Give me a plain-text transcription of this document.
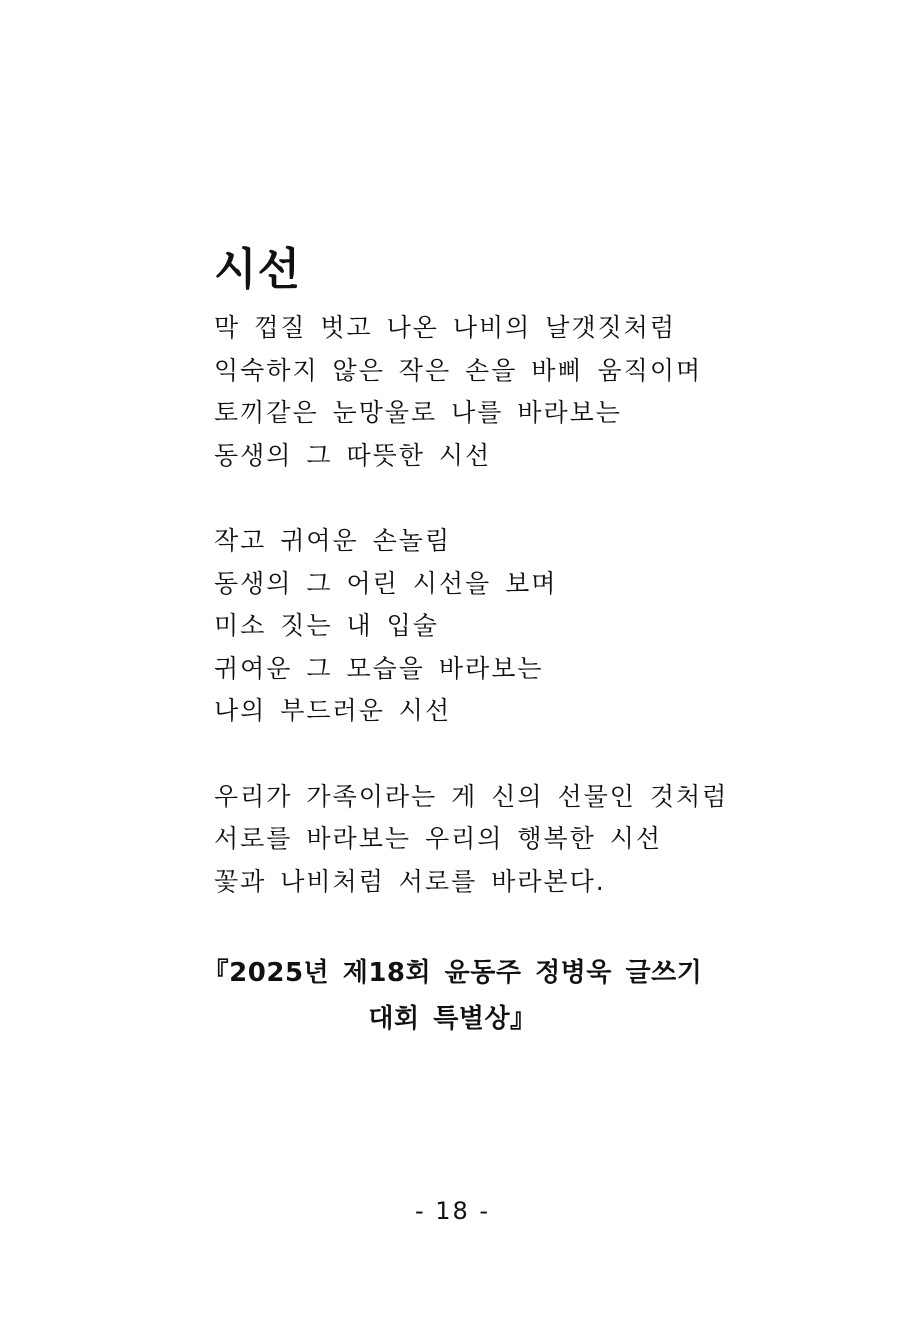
시선
막 껍질 벗고 나온 나비의 날갯짓처럼
익숙하지 않은 작은 손을 바삐 움직이며
토끼같은 눈망울로 나를 바라보는
동생의 그 따뜻한 시선
작고 귀여운 손놀림
동생의 그 어린 시선을 보며
미소 짓는 내 입술
귀여운 그 모습을 바라보는
나의 부드러운 시선
우리가 가족이라는 게 신의 선물인 것처럼
서로를 바라보는 우리의 행복한 시선
꽃과 나비처럼 서로를 바라본다.
『2025년 제18회 윤동주 정병욱 글쓰기
대회 특별상』
- 18 -
